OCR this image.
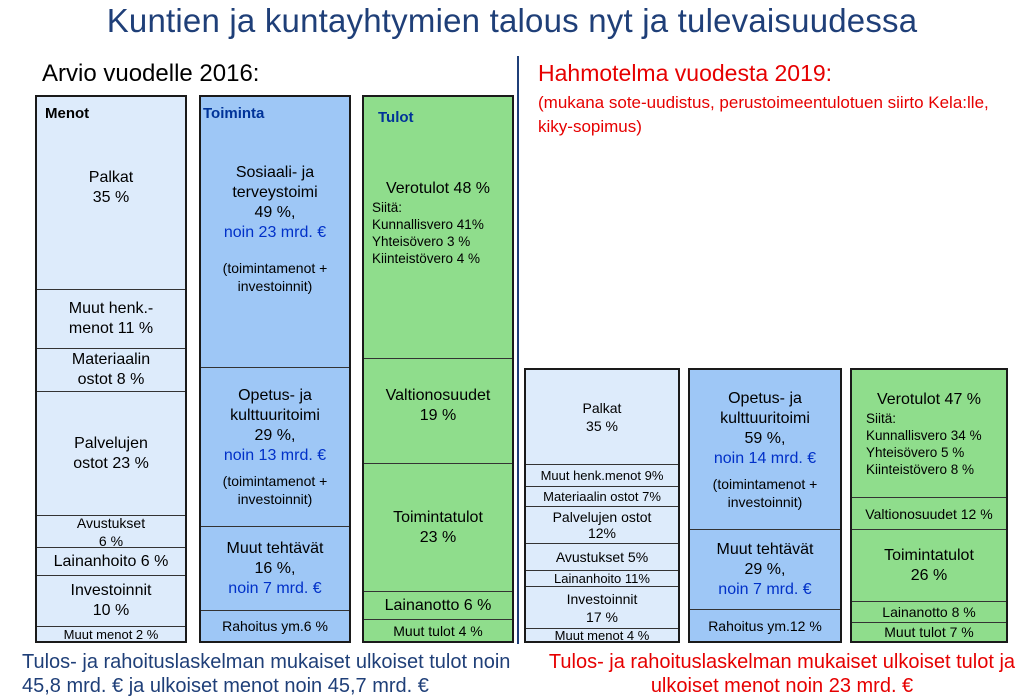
Kuntien ja kuntayhtymien talous nyt ja tulevaisuudessa
Arvio vuodelle 2016:	Hahmotelma vuodesta 2019:
(mukana sote-uudistus, perustoimeentulotuen siirto Kela:lle, kiky-sopimus)
Menot
Palkat
35 %
Muut henk.-
menot 11 %
Materiaalin
ostot 8 %
Palvelujen
ostot 23 %
Avustukset
6 %
Lainanhoito 6 %
Investoinnit
10 %
Muut menot 2 %
Toiminta
Sosiaali- ja
terveystoimi
49 %,
noin 23 mrd. €
(toimintamenot +
investoinnit)
Opetus- ja
kulttuuritoimi
29 %,
noin 13 mrd. €
(toimintamenot +
investoinnit)
Muut tehtävät
16 %,
noin 7 mrd. €
Rahoitus ym.6 %
Tulot
Verotulot 48 %
Siitä:
Kunnallisvero 41%
Yhteisövero 3 %
Kiinteistövero 4 %
Valtionosuudet
19 %
Toimintatulot
23 %
Lainanotto 6 %
Muut tulot 4 %
Palkat
35 %
Muut henk.menot 9%
Materiaalin ostot 7%
Palvelujen ostot
12%
Avustukset 5%
Lainanhoito 11%
Investoinnit
17 %
Muut menot 4 %
Opetus- ja
kulttuuritoimi
59 %,
noin 14 mrd. €
(toimintamenot +
investoinnit)
Muut tehtävät
29 %,
noin 7 mrd. €
Rahoitus ym.12 %
Verotulot 47 %
Siitä:
Kunnallisvero 34 %
Yhteisövero 5 %
Kiinteistövero 8 %
Valtionosuudet 12 %
Toimintatulot
26 %
Lainanotto 8 %
Muut tulot 7 %
Tulos- ja rahoituslaskelman mukaiset ulkoiset tulot noin 45,8 mrd. € ja ulkoiset menot noin 45,7 mrd. €
Tulos- ja rahoituslaskelman mukaiset ulkoiset tulot ja ulkoiset menot noin 23 mrd. €
